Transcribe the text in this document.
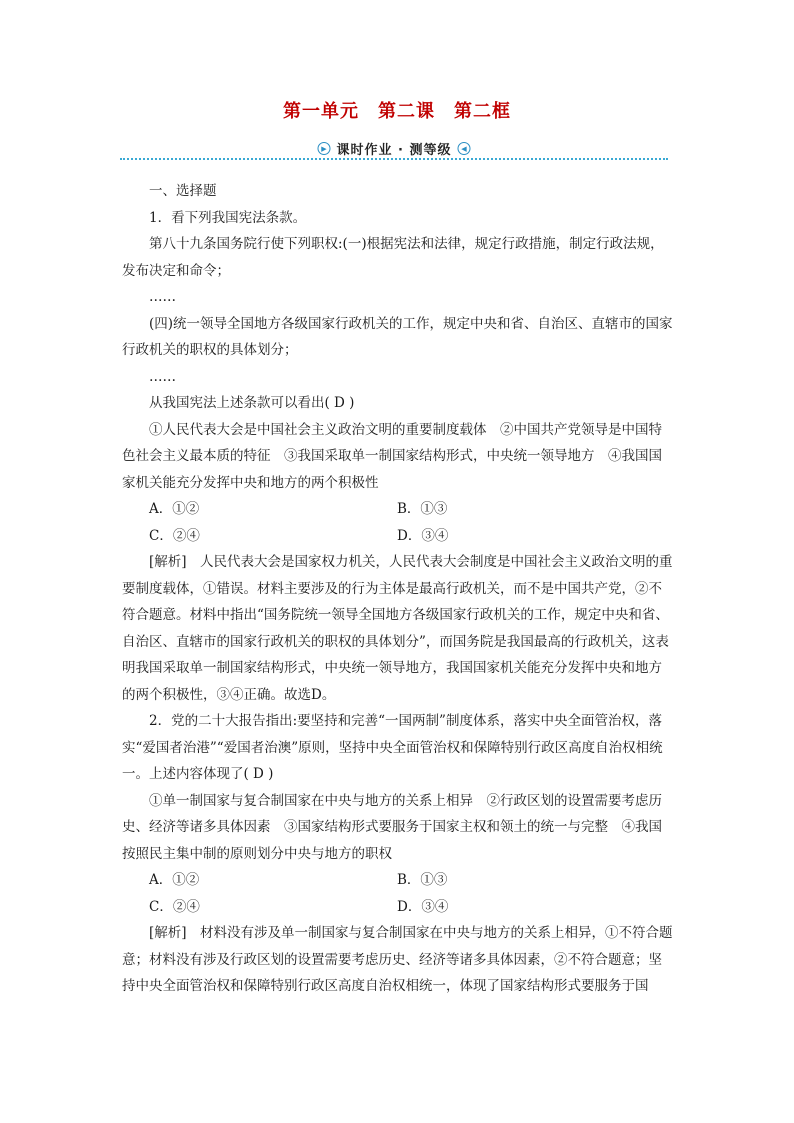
第一单元　第二课　第二框
▶ 课时作业 · 测等级	◀

一、选择题

1．看下列我国宪法条款。

第八十九条国务院行使下列职权:(一)根据宪法和法律，规定行政措施，制定行政法规，发布决定和命令；

……

(四)统一领导全国地方各级国家行政机关的工作，规定中央和省、自治区、直辖市的国家行政机关的职权的具体划分；

……

从我国宪法上述条款可以看出( D )

①人民代表大会是中国社会主义政治文明的重要制度载体　②中国共产党领导是中国特色社会主义最本质的特征　③我国采取单一制国家结构形式，中央统一领导地方　④我国国家机关能充分发挥中央和地方的两个积极性

A．①②	B．①③
C．②④	D．③④

[解析]　人民代表大会是国家权力机关，人民代表大会制度是中国社会主义政治文明的重要制度载体，①错误。材料主要涉及的行为主体是最高行政机关，而不是中国共产党，②不符合题意。材料中指出“国务院统一领导全国地方各级国家行政机关的工作，规定中央和省、自治区、直辖市的国家行政机关的职权的具体划分”，而国务院是我国最高的行政机关，这表明我国采取单一制国家结构形式，中央统一领导地方，我国国家机关能充分发挥中央和地方的两个积极性，③④正确。故选D。

2．党的二十大报告指出:要坚持和完善“一国两制”制度体系，落实中央全面管治权，落实“爱国者治港”“爱国者治澳”原则，坚持中央全面管治权和保障特别行政区高度自治权相统一。上述内容体现了( D )

①单一制国家与复合制国家在中央与地方的关系上相异　②行政区划的设置需要考虑历史、经济等诸多具体因素　③国家结构形式要服务于国家主权和领土的统一与完整　④我国按照民主集中制的原则划分中央与地方的职权

A．①②	B．①③
C．②④	D．③④

[解析]　材料没有涉及单一制国家与复合制国家在中央与地方的关系上相异，①不符合题意；材料没有涉及行政区划的设置需要考虑历史、经济等诸多具体因素，②不符合题意；坚持中央全面管治权和保障特别行政区高度自治权相统一，体现了国家结构形式要服务于国
